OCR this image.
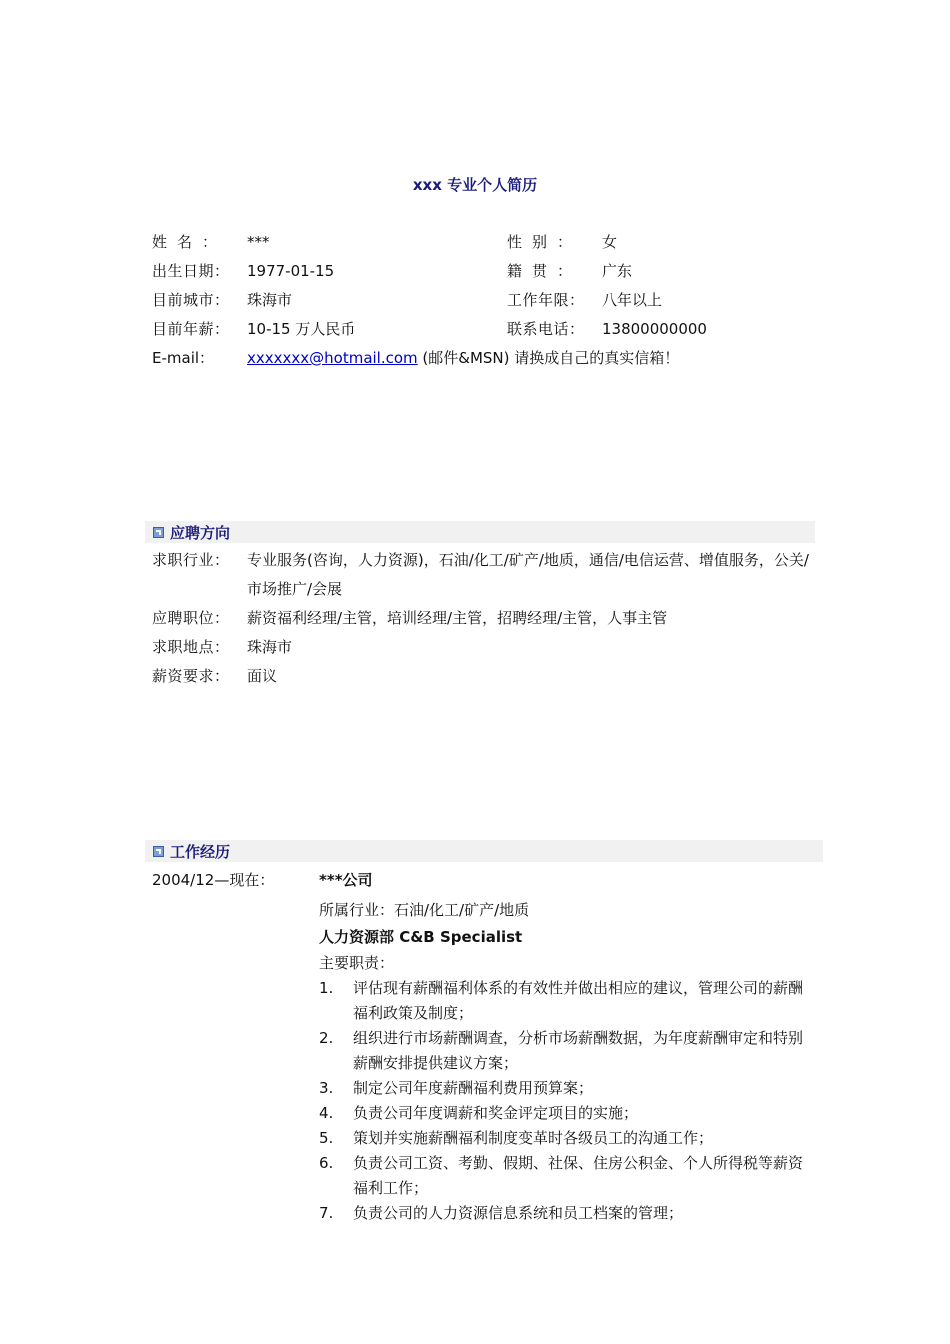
xxx 专业个人简历
姓名：	***	性别：	女
出生日期：	1977-01-15	籍贯：	广东
目前城市：	珠海市	工作年限：	八年以上
目前年薪：	10-15 万人民币	联系电话：	13800000000
E-mail：	xxxxxxx@hotmail.com (邮件&MSN) 请换成自己的真实信箱！
应聘方向
求职行业：	专业服务(咨询，人力资源)，石油/化工/矿产/地质，通信/电信运营、增值服务，公关/市场推广/会展
应聘职位：	薪资福利经理/主管，培训经理/主管，招聘经理/主管，人事主管
求职地点：	珠海市
薪资要求：	面议
工作经历
2004/12—现在：	***公司
所属行业：石油/化工/矿产/地质
人力资源部 C&B Specialist
主要职责：
1.	评估现有薪酬福利体系的有效性并做出相应的建议，管理公司的薪酬福利政策及制度；
2.	组织进行市场薪酬调查，分析市场薪酬数据，为年度薪酬审定和特别薪酬安排提供建议方案；
3.	制定公司年度薪酬福利费用预算案；
4.	负责公司年度调薪和奖金评定项目的实施；
5.	策划并实施薪酬福利制度变革时各级员工的沟通工作；
6.	负责公司工资、考勤、假期、社保、住房公积金、个人所得税等薪资福利工作；
7.	负责公司的人力资源信息系统和员工档案的管理；
